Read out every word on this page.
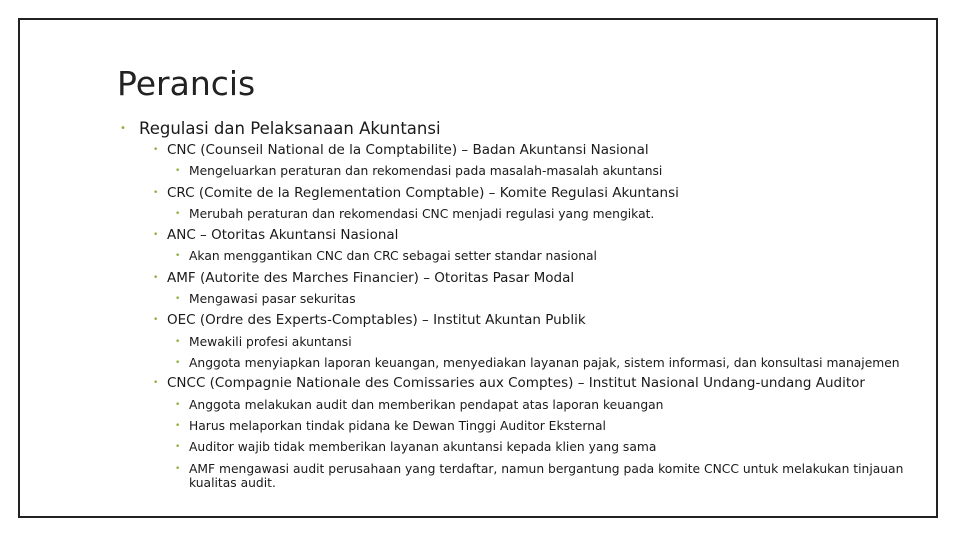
Perancis
• Regulasi dan Pelaksanaan Akuntansi
• CNC (Counseil National de la Comptabilite) – Badan Akuntansi Nasional
• Mengeluarkan peraturan dan rekomendasi pada masalah-masalah akuntansi
• CRC (Comite de la Reglementation Comptable) – Komite Regulasi Akuntansi
• Merubah peraturan dan rekomendasi CNC menjadi regulasi yang mengikat.
• ANC – Otoritas Akuntansi Nasional
• Akan menggantikan CNC dan CRC sebagai setter standar nasional
• AMF (Autorite des Marches Financier) – Otoritas Pasar Modal
• Mengawasi pasar sekuritas
• OEC (Ordre des Experts-Comptables) – Institut Akuntan Publik
• Mewakili profesi akuntansi
• Anggota menyiapkan laporan keuangan, menyediakan layanan pajak, sistem informasi, dan konsultasi manajemen
• CNCC (Compagnie Nationale des Comissaries aux Comptes) – Institut Nasional Undang-undang Auditor
• Anggota melakukan audit dan memberikan pendapat atas laporan keuangan
• Harus melaporkan tindak pidana ke Dewan Tinggi Auditor Eksternal
• Auditor wajib tidak memberikan layanan akuntansi kepada klien yang sama
• AMF mengawasi audit perusahaan yang terdaftar, namun bergantung pada komite CNCC untuk melakukan tinjauan kualitas audit.
